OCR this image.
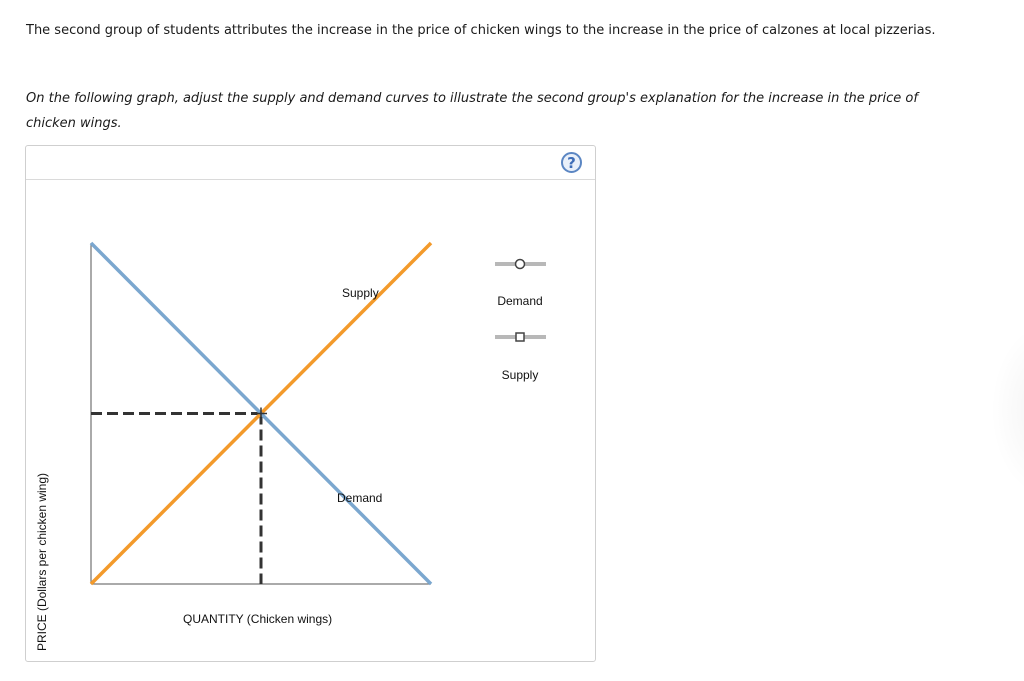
The second group of students attributes the increase in the price of chicken wings to the increase in the price of calzones at local pizzerias.
On the following graph, adjust the supply and demand curves to illustrate the second group's explanation for the increase in the price of chicken wings.
?
PRICE (Dollars per chicken wing)	QUANTITY (Chicken wings)
Supply
Demand
Demand
Supply
